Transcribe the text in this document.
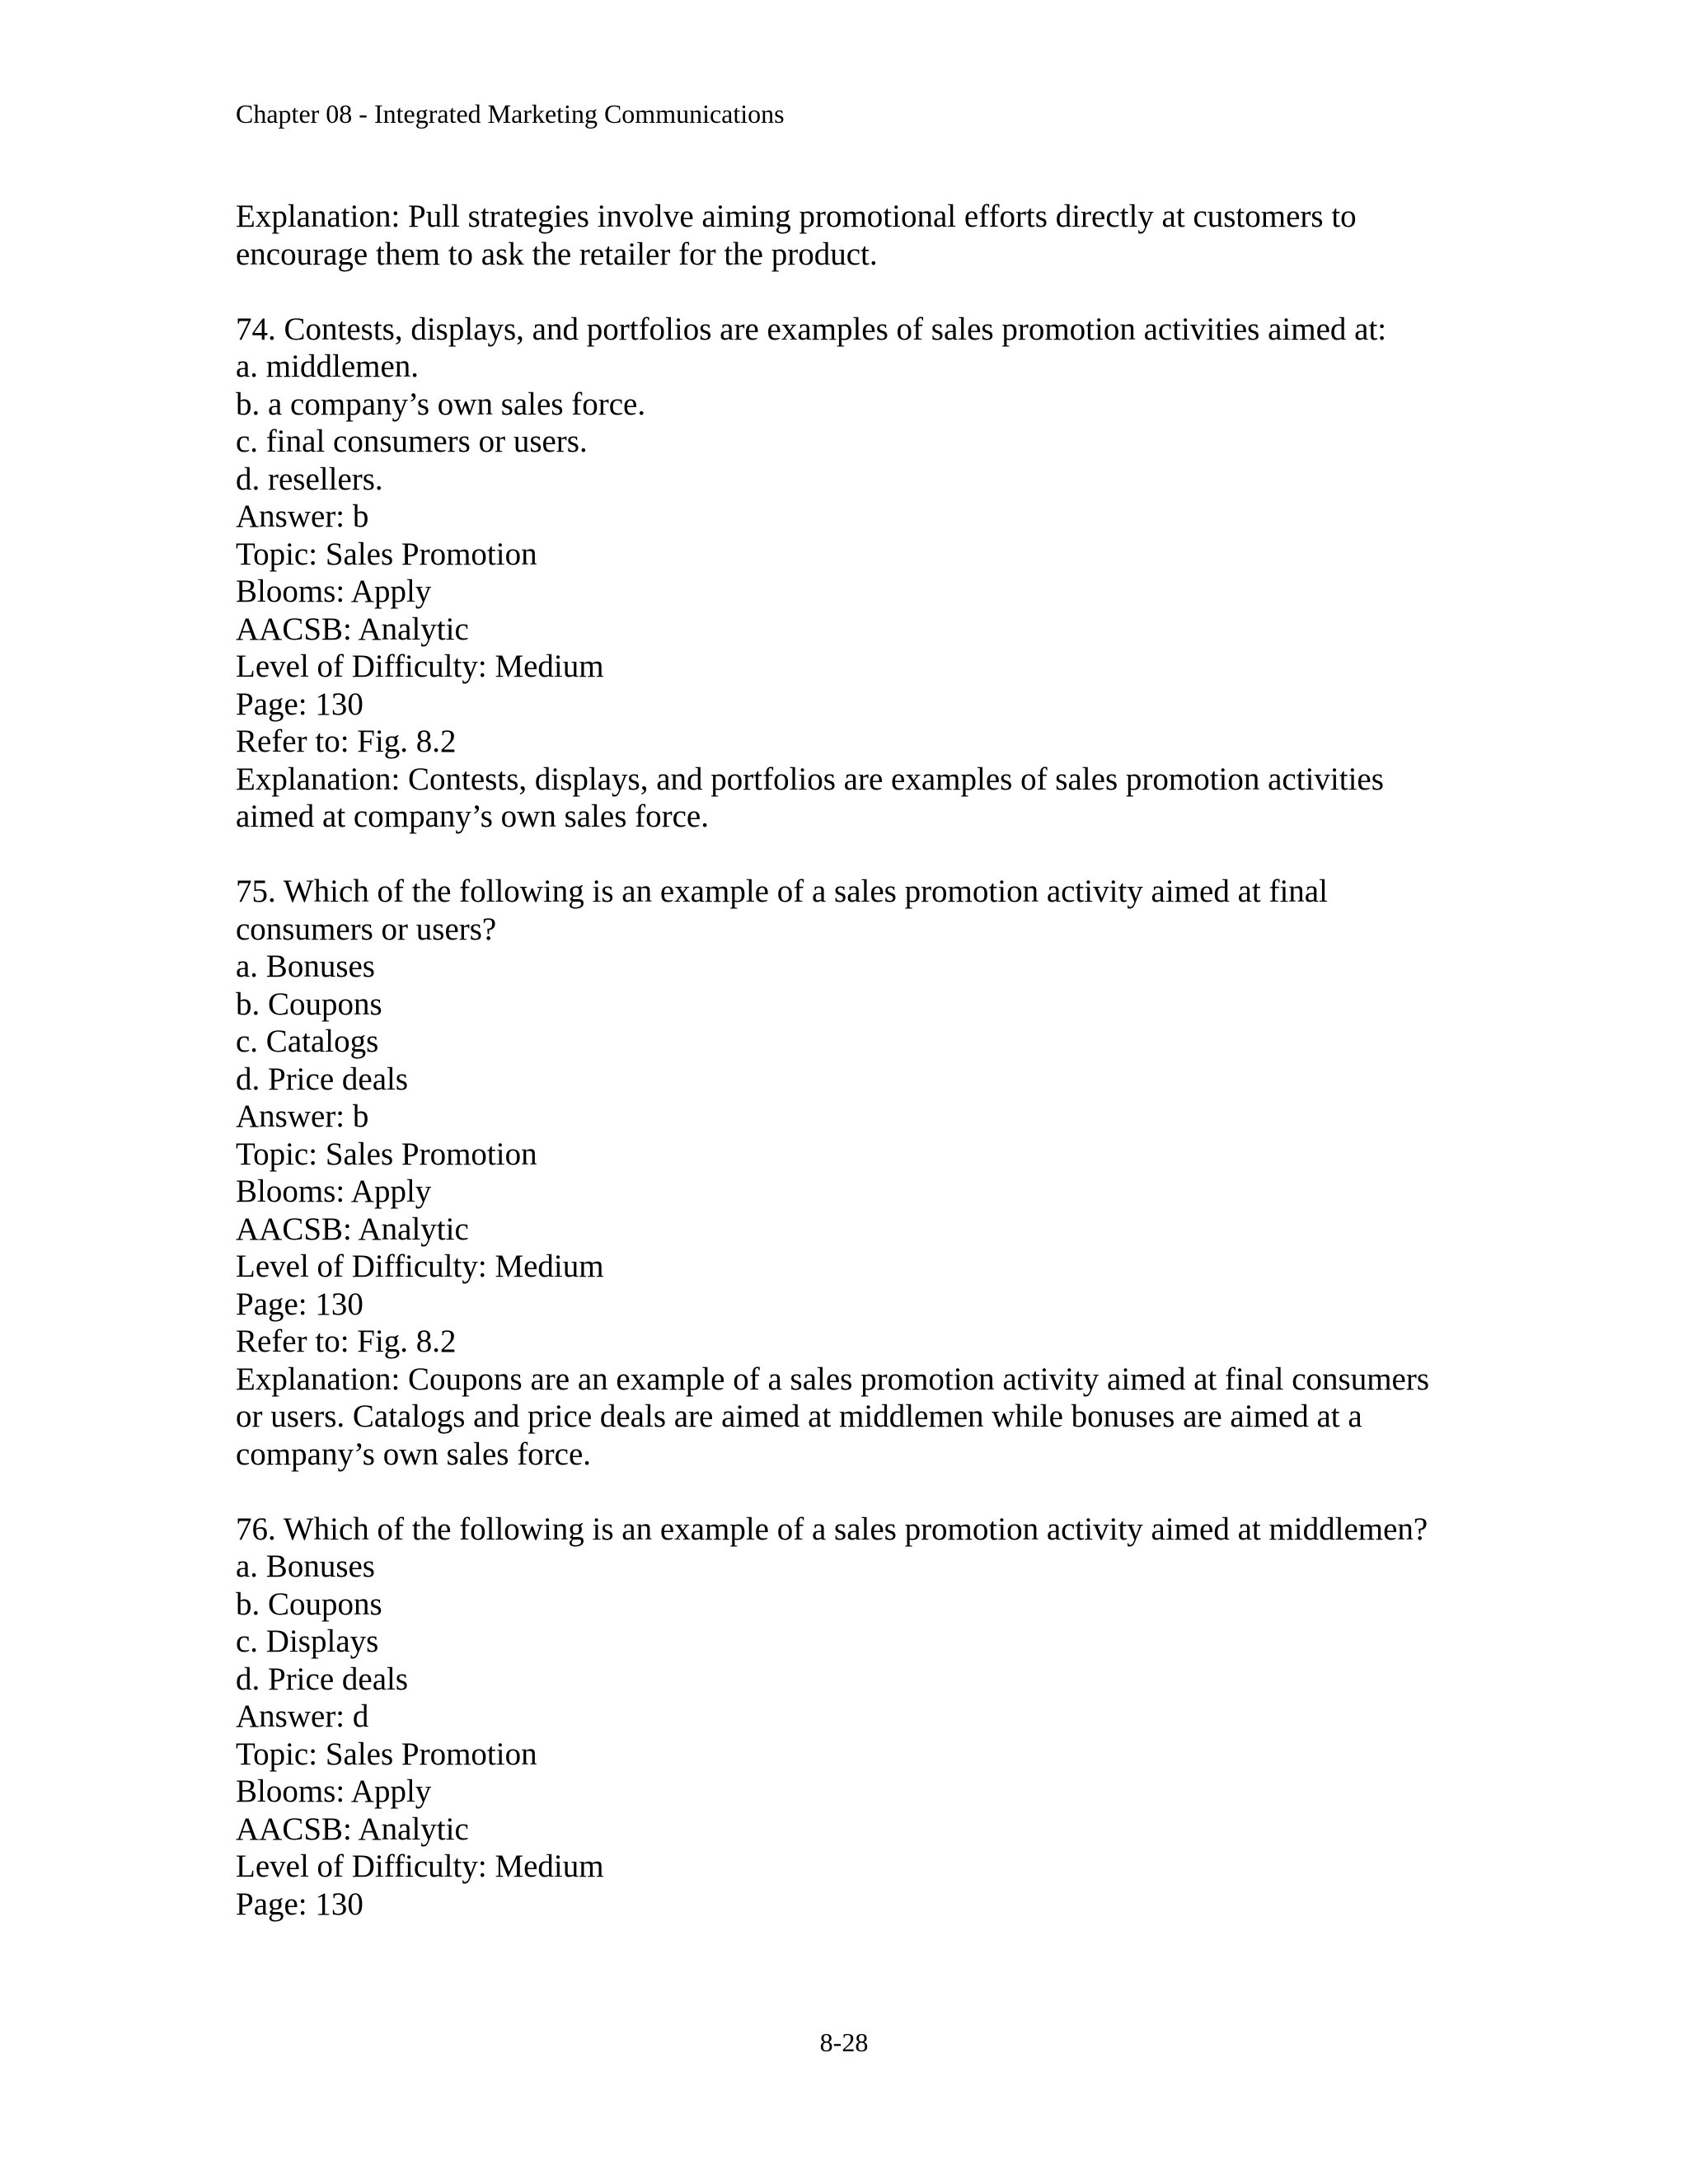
Chapter 08 - Integrated Marketing Communications
Explanation: Pull strategies involve aiming promotional efforts directly at customers to
encourage them to ask the retailer for the product.
74. Contests, displays, and portfolios are examples of sales promotion activities aimed at:
a. middlemen.
b. a company’s own sales force.
c. final consumers or users.
d. resellers.
Answer: b
Topic: Sales Promotion
Blooms: Apply
AACSB: Analytic
Level of Difficulty: Medium
Page: 130
Refer to: Fig. 8.2
Explanation: Contests, displays, and portfolios are examples of sales promotion activities
aimed at company’s own sales force.
75. Which of the following is an example of a sales promotion activity aimed at final
consumers or users?
a. Bonuses
b. Coupons
c. Catalogs
d. Price deals
Answer: b
Topic: Sales Promotion
Blooms: Apply
AACSB: Analytic
Level of Difficulty: Medium
Page: 130
Refer to: Fig. 8.2
Explanation: Coupons are an example of a sales promotion activity aimed at final consumers
or users. Catalogs and price deals are aimed at middlemen while bonuses are aimed at a
company’s own sales force.
76. Which of the following is an example of a sales promotion activity aimed at middlemen?
a. Bonuses
b. Coupons
c. Displays
d. Price deals
Answer: d
Topic: Sales Promotion
Blooms: Apply
AACSB: Analytic
Level of Difficulty: Medium
Page: 130
8-28
